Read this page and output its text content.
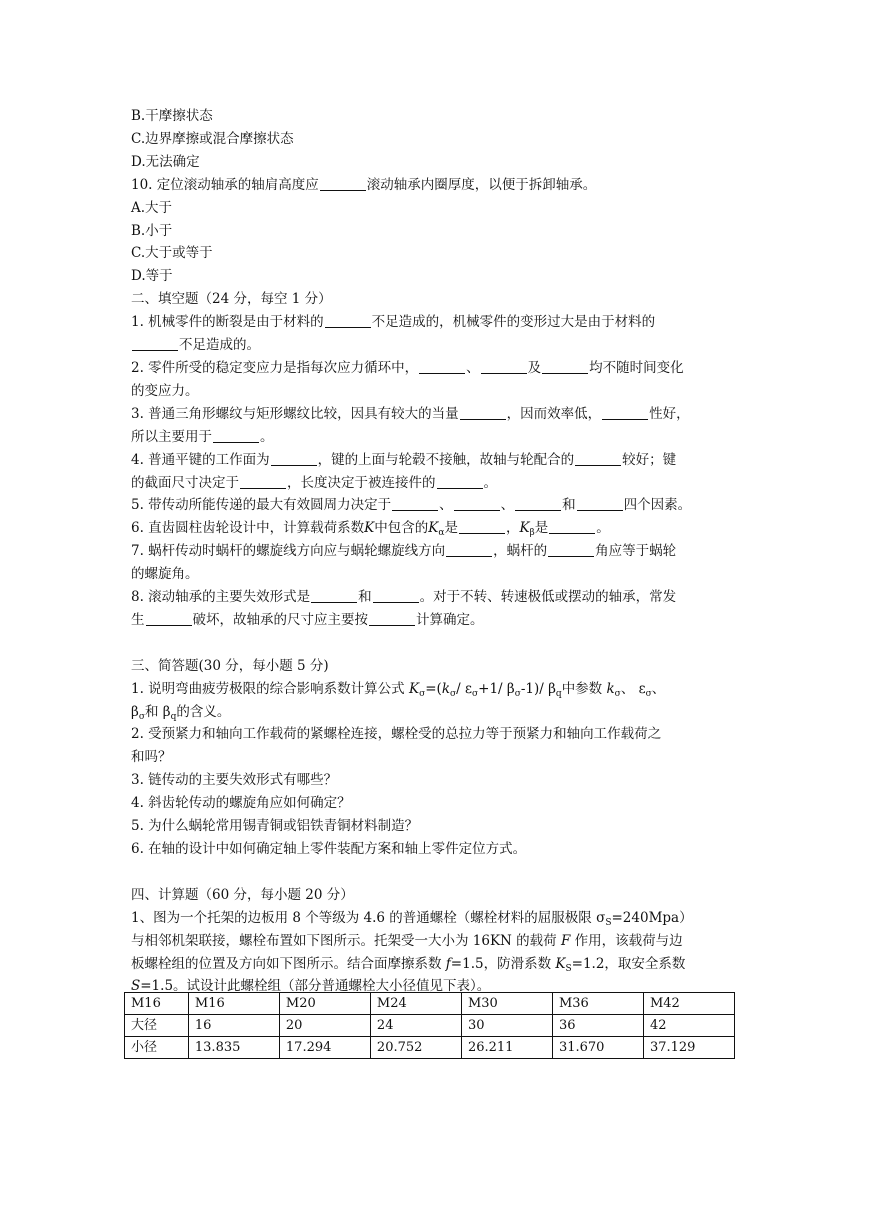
B.干摩擦状态
C.边界摩擦或混合摩擦状态
D.无法确定
10. 定位滚动轴承的轴肩高度应	滚动轴承内圈厚度，以便于拆卸轴承。
A.大于
B.小于
C.大于或等于
D.等于
二、填空题（24 分，每空 1 分）
1. 机械零件的断裂是由于材料的	不足造成的，机械零件的变形过大是由于材料的
不足造成的。
2. 零件所受的稳定变应力是指每次应力循环中，	、	及	均不随时间变化
的变应力。
3. 普通三角形螺纹与矩形螺纹比较，因具有较大的当量	，因而效率低，	性好，
所以主要用于	。
4. 普通平键的工作面为	，键的上面与轮毂不接触，故轴与轮配合的	较好；键
的截面尺寸决定于	，长度决定于被连接件的	。
5. 带传动所能传递的最大有效圆周力决定于	、	、	和	四个因素。
6. 直齿圆柱齿轮设计中，计算载荷系数K中包含的$K_\alpha$是	，$K_\beta$是	。
7. 蜗杆传动时蜗杆的螺旋线方向应与蜗轮螺旋线方向	，蜗杆的	角应等于蜗轮
的螺旋角。
8. 滚动轴承的主要失效形式是	和	。对于不转、转速极低或摆动的轴承，常发
生	破坏，故轴承的尺寸应主要按	计算确定。
三、简答题(30 分，每小题 5 分)
1. 说明弯曲疲劳极限的综合影响系数计算公式 $K_\sigma=(k_\sigma/$ $\varepsilon_\sigma+1/$ $\beta_\sigma-1)/$ $\beta_q$中参数 $k_\sigma$、 $\varepsilon_\sigma$、
$\beta_\sigma$和 $\beta_q$的含义。
2. 受预紧力和轴向工作载荷的紧螺栓连接，螺栓受的总拉力等于预紧力和轴向工作载荷之
和吗？
3. 链传动的主要失效形式有哪些？
4. 斜齿轮传动的螺旋角应如何确定？
5. 为什么蜗轮常用锡青铜或铝铁青铜材料制造？
6. 在轴的设计中如何确定轴上零件装配方案和轴上零件定位方式。
四、计算题（60 分，每小题 20 分）
1、图为一个托架的边板用 8 个等级为 4.6 的普通螺栓（螺栓材料的屈服极限 $\sigma_S=240Mpa$）
与相邻机架联接，螺栓布置如下图所示。托架受一大小为 16KN 的载荷 F 作用，该载荷与边
板螺栓组的位置及方向如下图所示。结合面摩擦系数 f=1.5，防滑系数 $K_S=1.2$，取安全系数
S=1.5。试设计此螺栓组（部分普通螺栓大小径值见下表）。
M16	M16	M20	M24	M30	M36	M42
大径	16	20	24	30	36	42
小径	13.835	17.294	20.752	26.211	31.670	37.129
